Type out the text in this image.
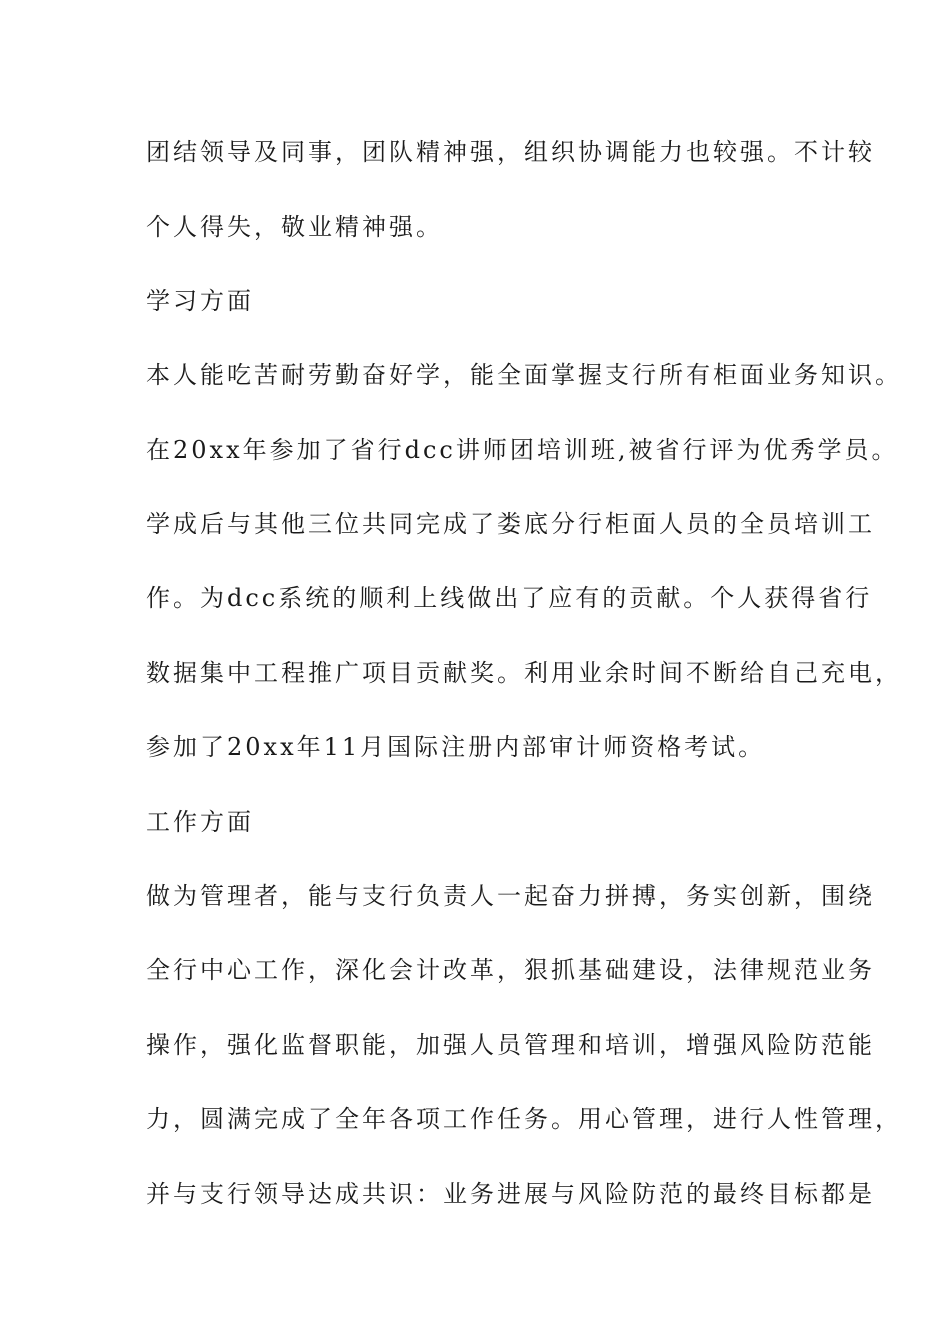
团结领导及同事，团队精神强，组织协调能力也较强。不计较
个人得失，敬业精神强。
学习方面
本人能吃苦耐劳勤奋好学，能全面掌握支行所有柜面业务知识。
在20xx年参加了省行dcc讲师团培训班,被省行评为优秀学员。
学成后与其他三位共同完成了娄底分行柜面人员的全员培训工
作。为dcc系统的顺利上线做出了应有的贡献。个人获得省行
数据集中工程推广项目贡献奖。利用业余时间不断给自己充电，
参加了20xx年11月国际注册内部审计师资格考试。
工作方面
做为管理者，能与支行负责人一起奋力拼搏，务实创新，围绕
全行中心工作，深化会计改革，狠抓基础建设，法律规范业务
操作，强化监督职能，加强人员管理和培训，增强风险防范能
力，圆满完成了全年各项工作任务。用心管理，进行人性管理，
并与支行领导达成共识：业务进展与风险防范的最终目标都是
